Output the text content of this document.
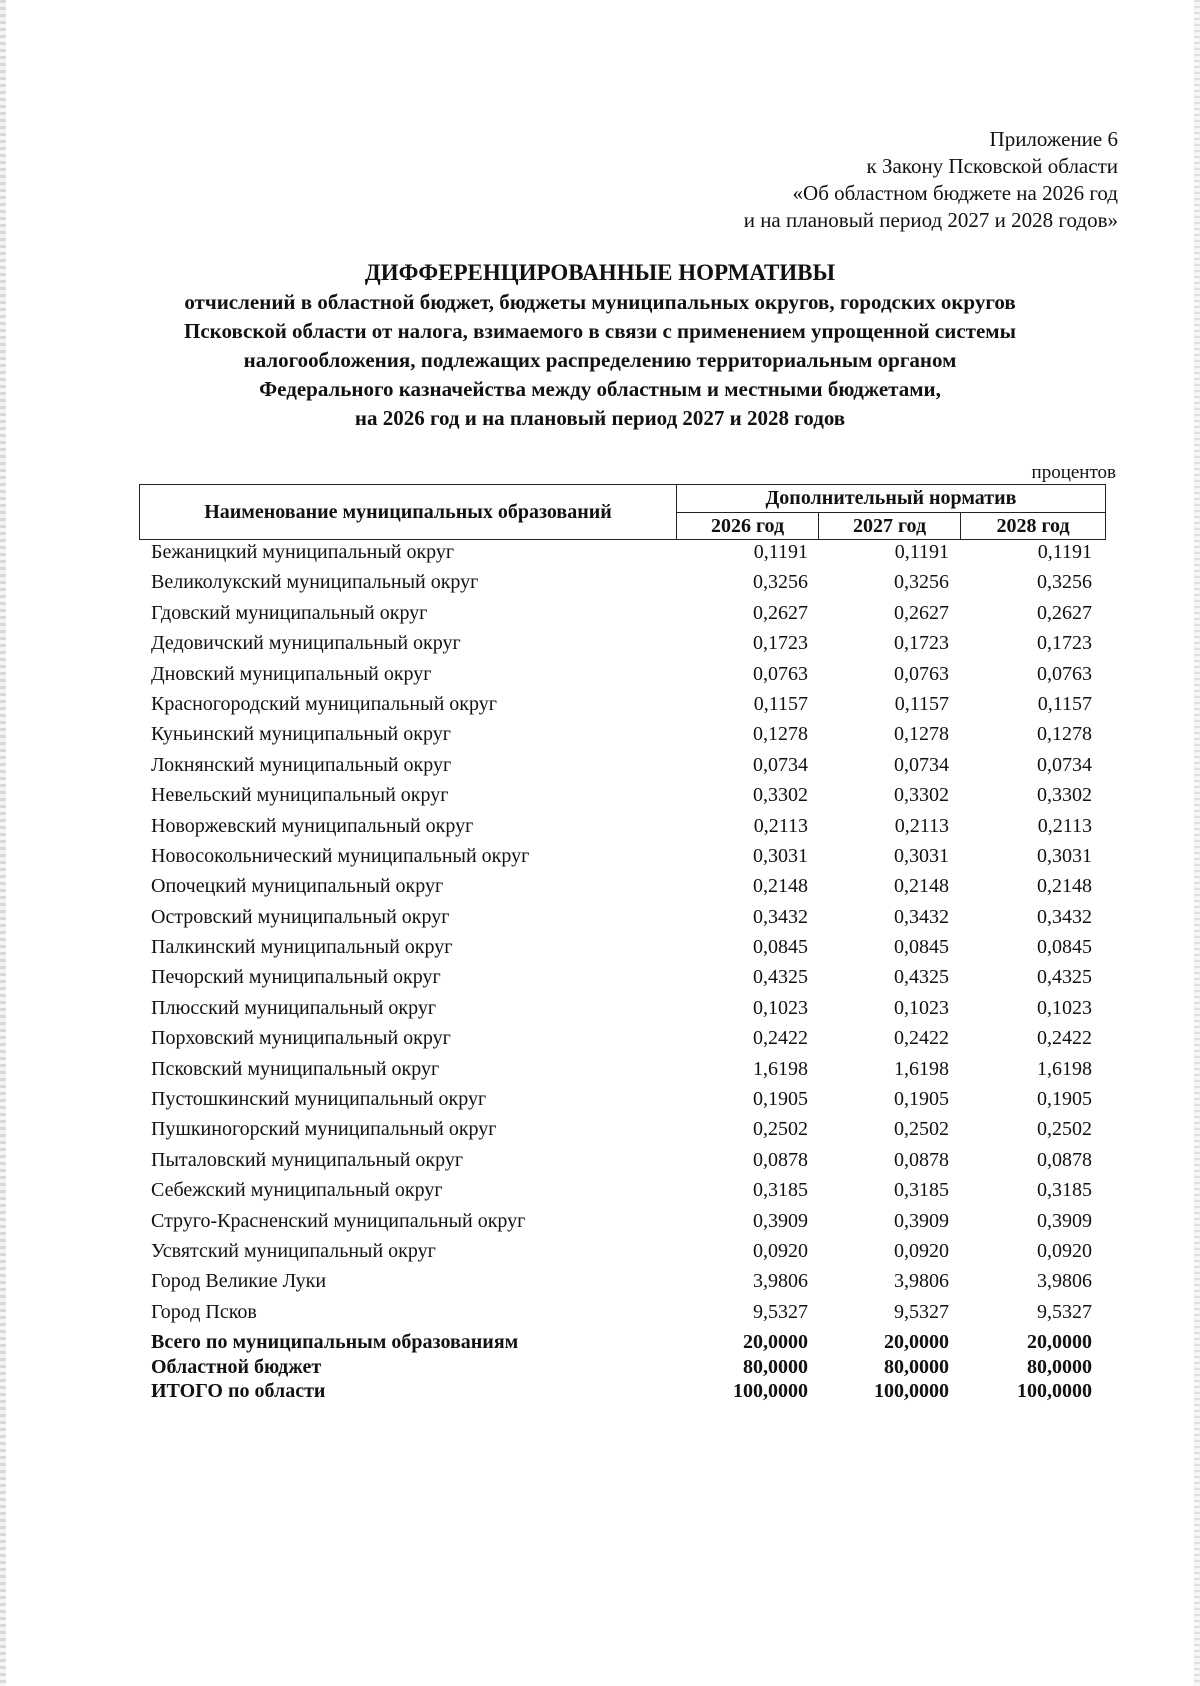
Приложение 6
к Закону Псковской области
«Об областном бюджете на 2026 год
и на плановый период 2027 и 2028 годов»
ДИФФЕРЕНЦИРОВАННЫЕ НОРМАТИВЫ
отчислений в областной бюджет, бюджеты муниципальных округов, городских округов
Псковской области от налога, взимаемого в связи с применением упрощенной системы
налогообложения, подлежащих распределению территориальным органом
Федерального казначейства между областным и местными бюджетами,
на 2026 год и на плановый период 2027 и 2028 годов
процентов
Наименование муниципальных образований
Дополнительный норматив
2026 год	2027 год	2028 год
Бежаницкий муниципальный округ	0,1191	0,1191	0,1191
Великолукский муниципальный округ	0,3256	0,3256	0,3256
Гдовский муниципальный округ	0,2627	0,2627	0,2627
Дедовичский муниципальный округ	0,1723	0,1723	0,1723
Дновский муниципальный округ	0,0763	0,0763	0,0763
Красногородский муниципальный округ	0,1157	0,1157	0,1157
Куньинский муниципальный округ	0,1278	0,1278	0,1278
Локнянский муниципальный округ	0,0734	0,0734	0,0734
Невельский муниципальный округ	0,3302	0,3302	0,3302
Новоржевский муниципальный округ	0,2113	0,2113	0,2113
Новосокольнический муниципальный округ	0,3031	0,3031	0,3031
Опочецкий муниципальный округ	0,2148	0,2148	0,2148
Островский муниципальный округ	0,3432	0,3432	0,3432
Палкинский муниципальный округ	0,0845	0,0845	0,0845
Печорский муниципальный округ	0,4325	0,4325	0,4325
Плюсский муниципальный округ	0,1023	0,1023	0,1023
Порховский муниципальный округ	0,2422	0,2422	0,2422
Псковский муниципальный округ	1,6198	1,6198	1,6198
Пустошкинский муниципальный округ	0,1905	0,1905	0,1905
Пушкиногорский муниципальный округ	0,2502	0,2502	0,2502
Пыталовский муниципальный округ	0,0878	0,0878	0,0878
Себежский муниципальный округ	0,3185	0,3185	0,3185
Струго-Красненский муниципальный округ	0,3909	0,3909	0,3909
Усвятский муниципальный округ	0,0920	0,0920	0,0920
Город Великие Луки	3,9806	3,9806	3,9806
Город Псков	9,5327	9,5327	9,5327
Всего по муниципальным образованиям	20,0000	20,0000	20,0000
Областной бюджет	80,0000	80,0000	80,0000
ИТОГО по области	100,0000	100,0000	100,0000
